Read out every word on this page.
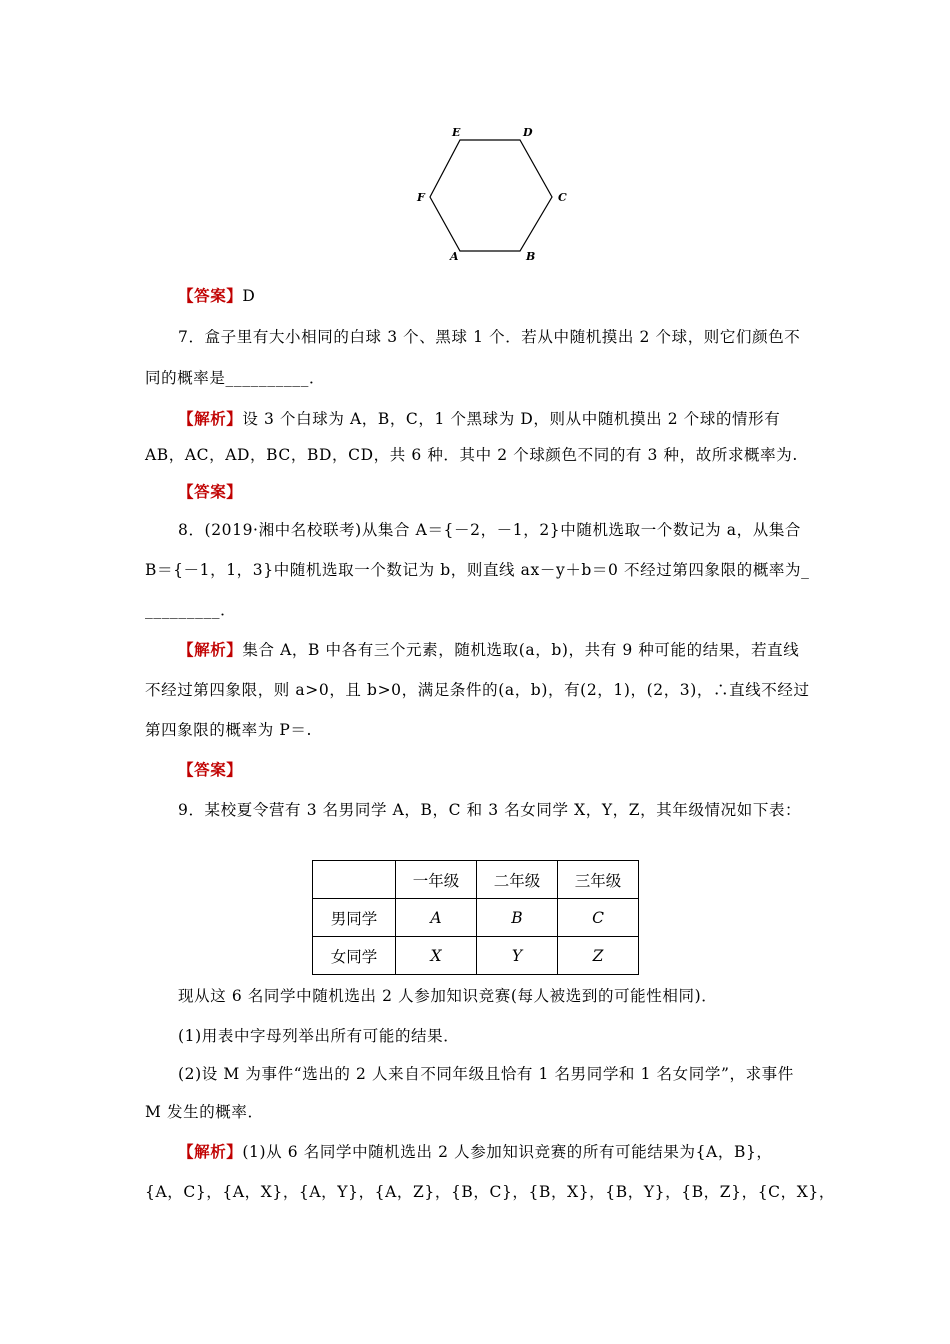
E	D
F	C
A	B
【答案】D
7．盒子里有大小相同的白球 3 个、黑球 1 个．若从中随机摸出 2 个球，则它们颜色不
同的概率是__________．
【解析】设 3 个白球为 A，B，C，1 个黑球为 D，则从中随机摸出 2 个球的情形有
AB，AC，AD，BC，BD，CD，共 6 种．其中 2 个球颜色不同的有 3 种，故所求概率为.
【答案】
8．(2019·湘中名校联考)从集合 A＝{－2，－1，2}中随机选取一个数记为 a，从集合
B＝{－1，1，3}中随机选取一个数记为 b，则直线 ax－y＋b＝0 不经过第四象限的概率为_
_________．
【解析】集合 A，B 中各有三个元素，随机选取(a，b)，共有 9 种可能的结果，若直线
不经过第四象限，则 a>0，且 b>0，满足条件的(a，b)，有(2，1)，(2，3)，∴直线不经过
第四象限的概率为 P＝.
【答案】
9．某校夏令营有 3 名男同学 A，B，C 和 3 名女同学 X，Y，Z，其年级情况如下表：
	一年级	二年级	三年级
男同学	A	B	C
女同学	X	Y	Z
现从这 6 名同学中随机选出 2 人参加知识竞赛(每人被选到的可能性相同)．
(1)用表中字母列举出所有可能的结果．
(2)设 M 为事件“选出的 2 人来自不同年级且恰有 1 名男同学和 1 名女同学”，求事件
M 发生的概率．
【解析】(1)从 6 名同学中随机选出 2 人参加知识竞赛的所有可能结果为{A，B}，
{A，C}，{A，X}，{A，Y}，{A，Z}，{B，C}，{B，X}，{B，Y}，{B，Z}，{C，X}，
